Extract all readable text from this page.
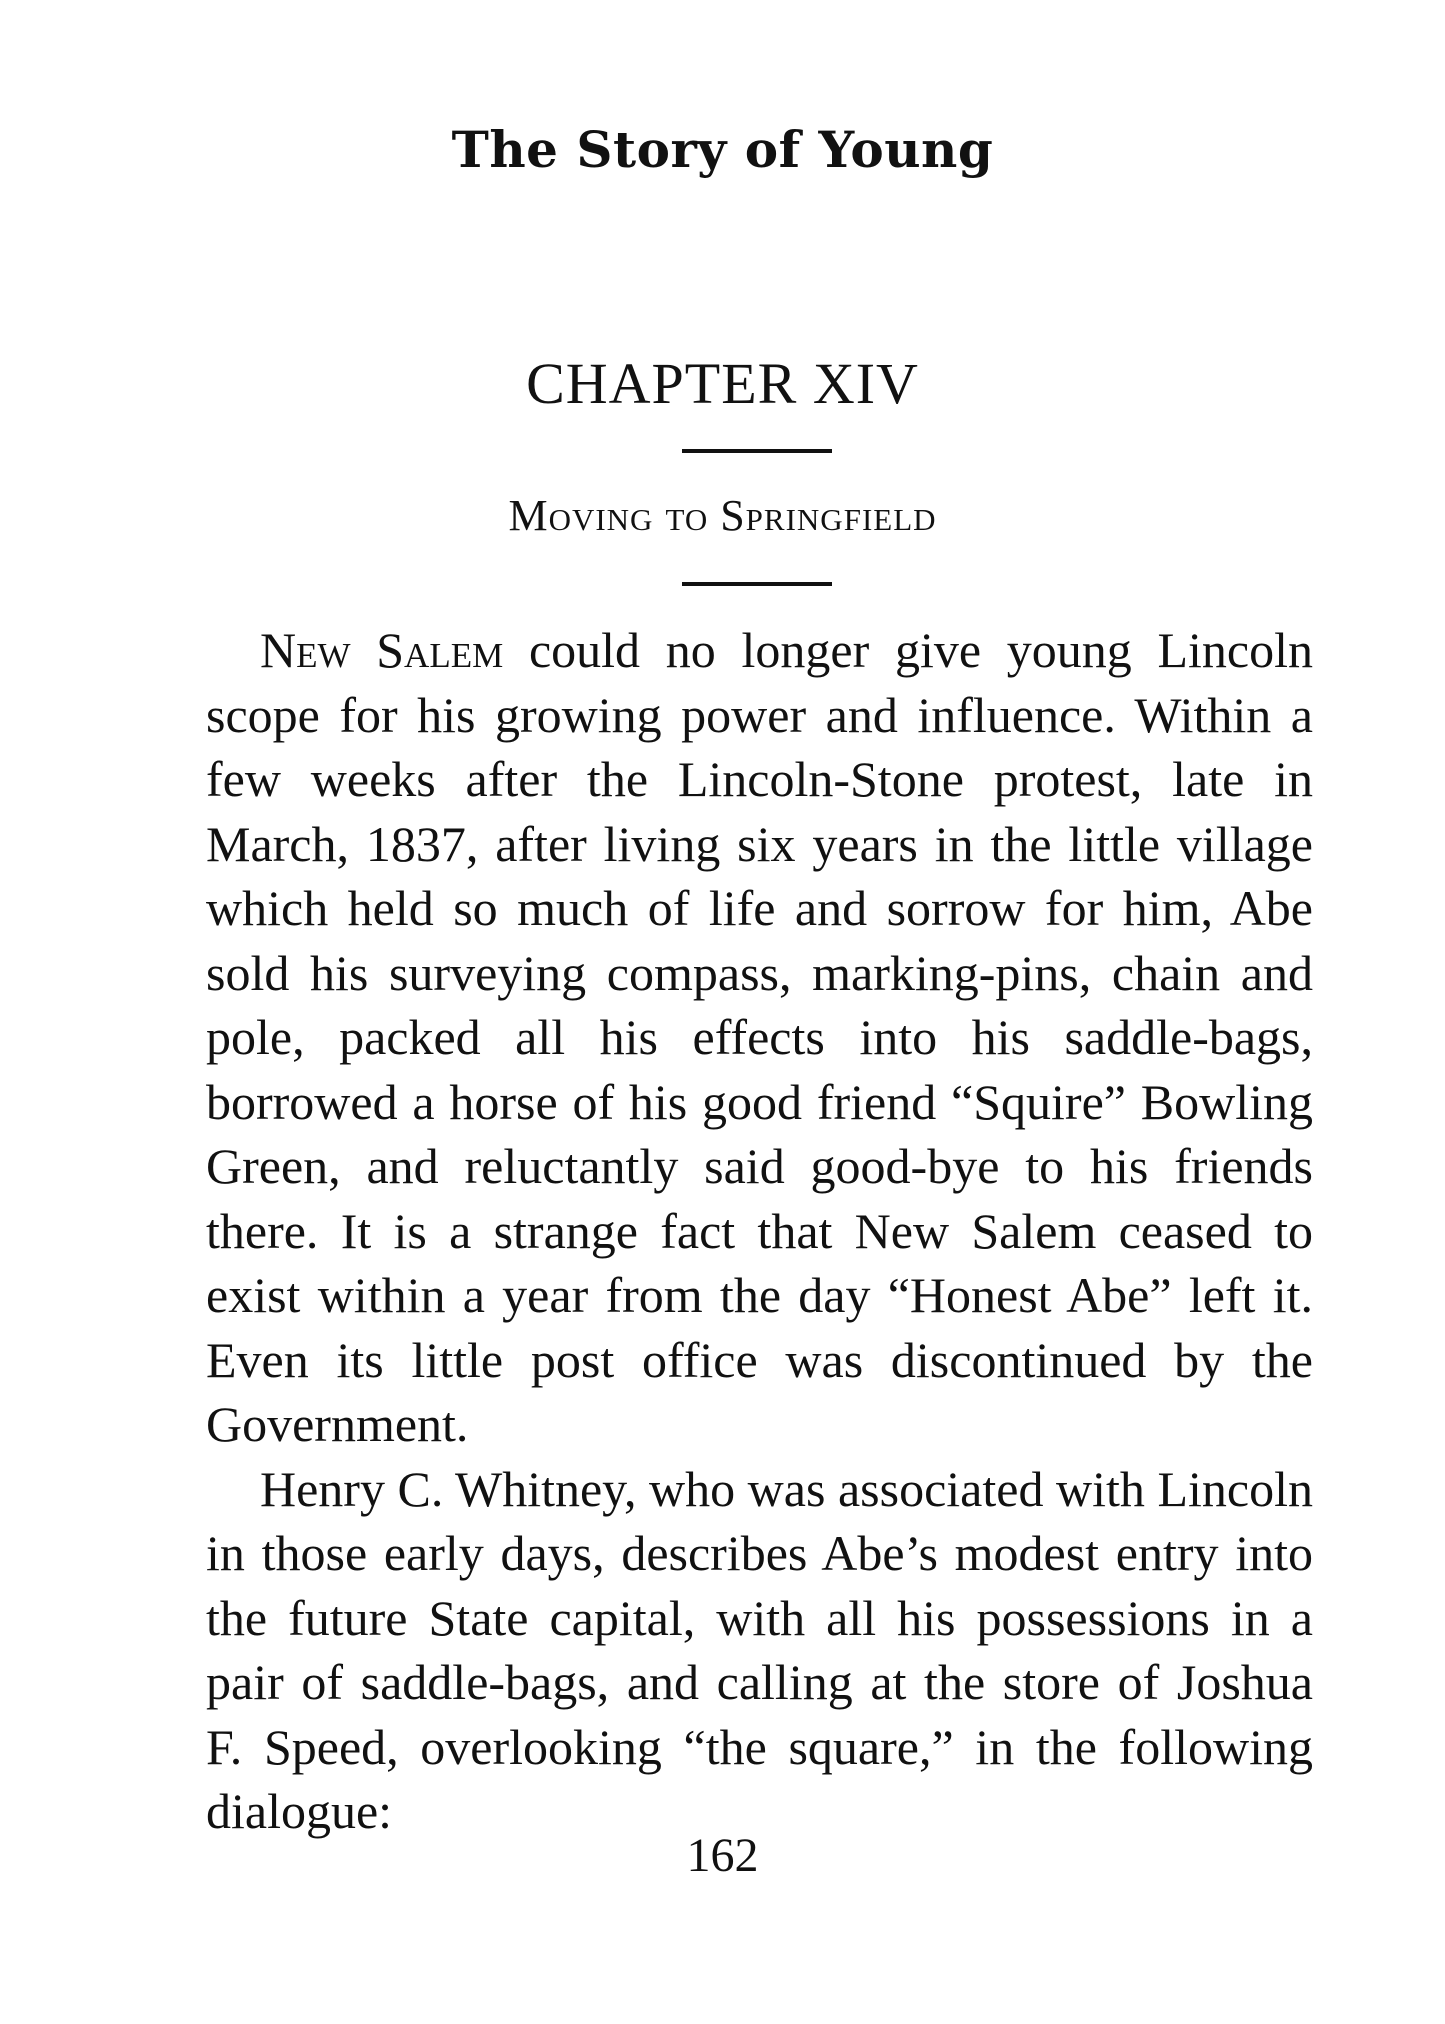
The Story of Young
CHAPTER XIV
Moving to Springfield

New Salem could no longer give young Lincoln scope for his growing power and influence. Within a few weeks after the Lincoln-Stone protest, late in March, 1837, after living six years in the little village which held so much of life and sorrow for him, Abe sold his surveying compass, marking-pins, chain and pole, packed all his effects into his saddle-bags, borrowed a horse of his good friend “Squire” Bowling Green, and reluctantly said good-bye to his friends there. It is a strange fact that New Salem ceased to exist within a year from the day “Honest Abe” left it. Even its little post office was discontinued by the Government.

Henry C. Whitney, who was associated with Lincoln in those early days, describes Abe’s modest entry into the future State capital, with all his possessions in a pair of saddle-bags, and calling at the store of Joshua F. Speed, overlooking “the square,” in the following dialogue:

162
